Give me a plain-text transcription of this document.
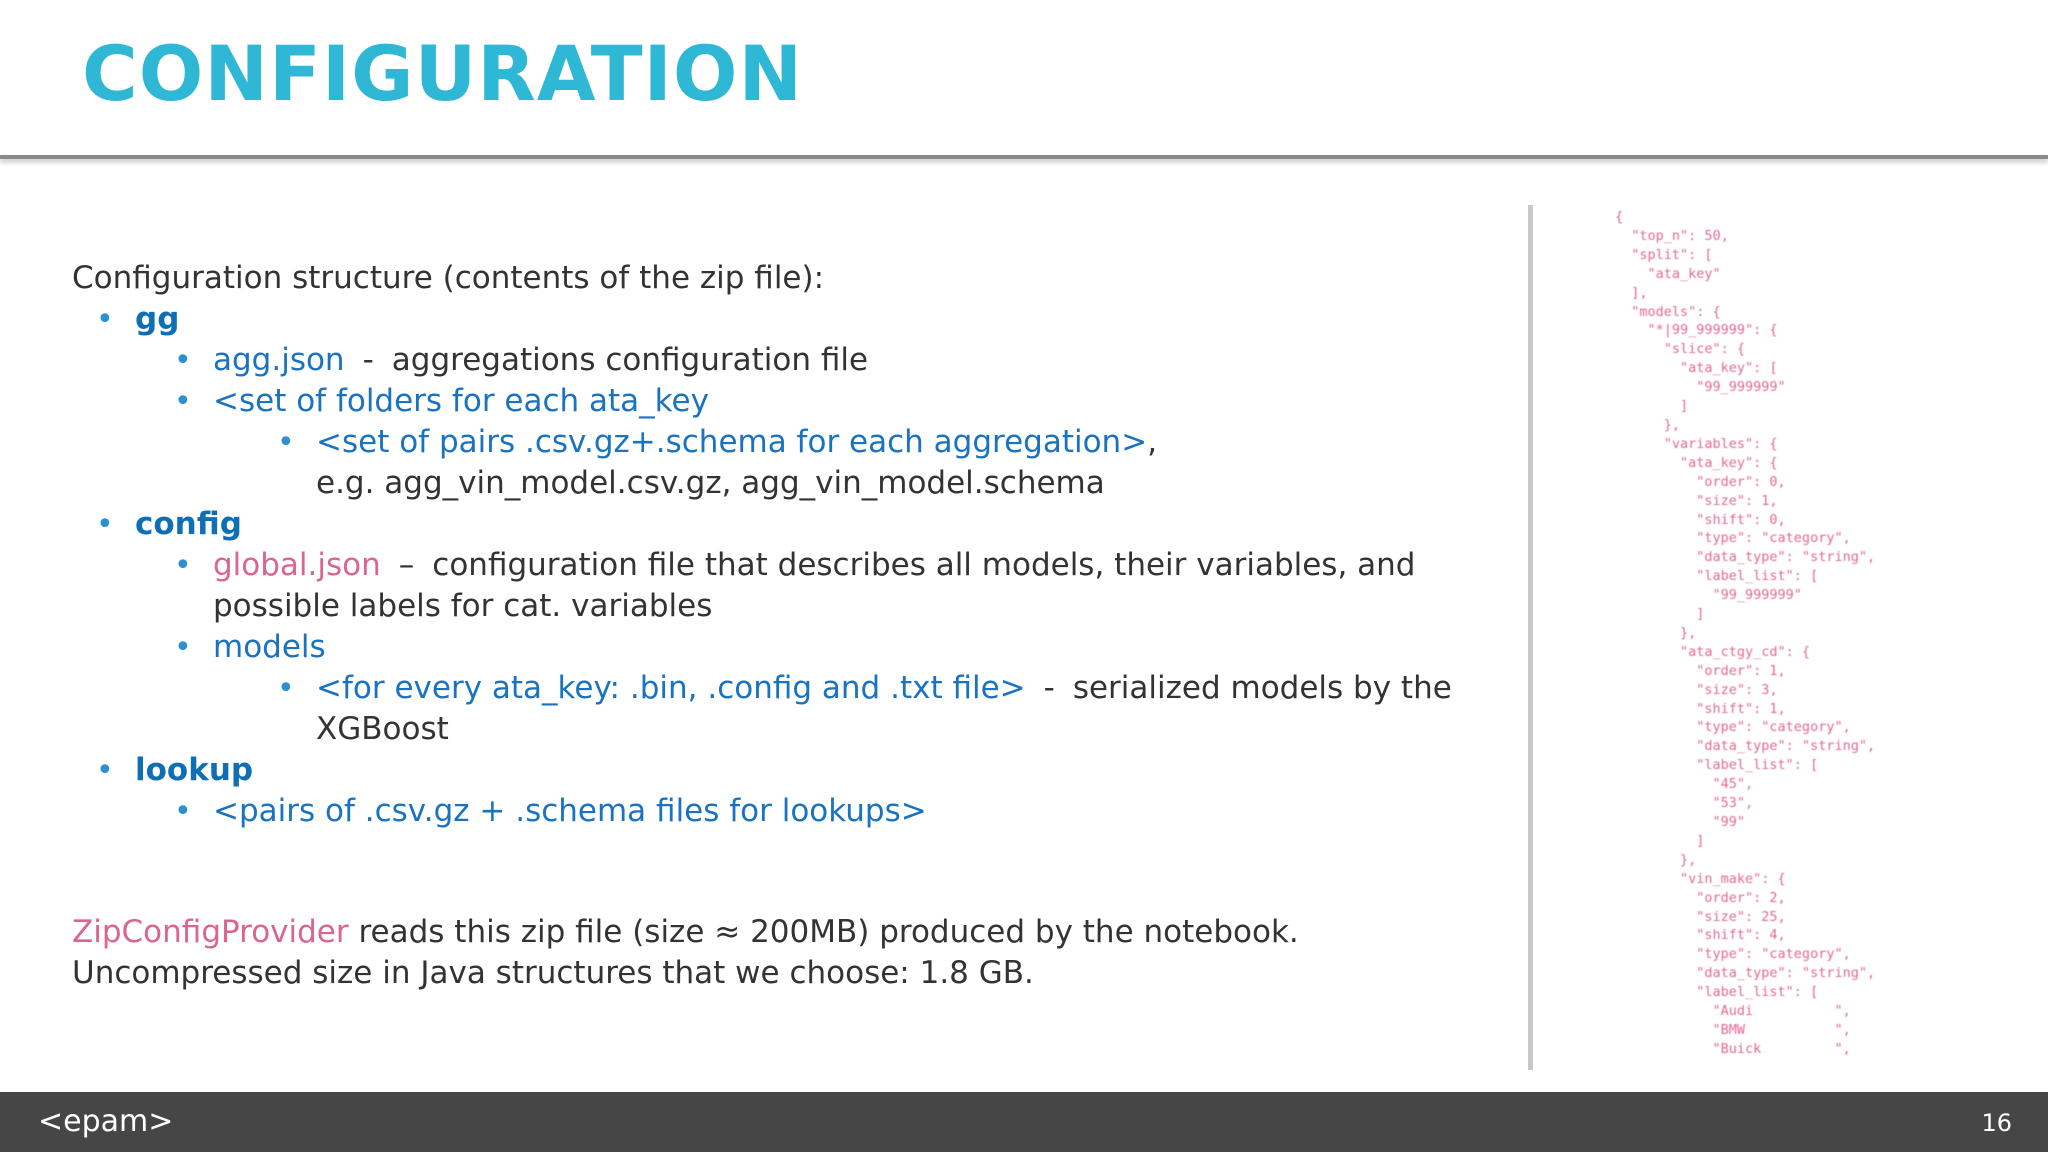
CONFIGURATION
Configuration structure (contents of the zip file):
• gg
• agg.json - aggregations configuration file
• <set of folders for each ata_key
• <set of pairs .csv.gz+.schema for each aggregation>,
e.g. agg_vin_model.csv.gz, agg_vin_model.schema
• config
• global.json – configuration file that describes all models, their variables, and
possible labels for cat. variables
• models
• <for every ata_key: .bin, .config and .txt file> - serialized models by the
XGBoost
• lookup
• <pairs of .csv.gz + .schema files for lookups>
ZipConfigProvider reads this zip file (size ≈ 200MB) produced by the notebook.
Uncompressed size in Java structures that we choose: 1.8 GB.
{
"top_n": 50,
"split": [
"ata_key"
],
"models": {
"*|99_999999": {
"slice": {
"ata_key": [
"99_999999"
]
},
"variables": {
"ata_key": {
"order": 0,
"size": 1,
"shift": 0,
"type": "category",
"data_type": "string",
"label_list": [
"99_999999"
]
},
"ata_ctgy_cd": {
"order": 1,
"size": 3,
"shift": 1,
"type": "category",
"data_type": "string",
"label_list": [
"45",
"53",
"99"
]
},
"vin_make": {
"order": 2,
"size": 25,
"shift": 4,
"type": "category",
"data_type": "string",
"label_list": [
"Audi          ",
"BMW           ",
"Buick         ",
<epam>	16
